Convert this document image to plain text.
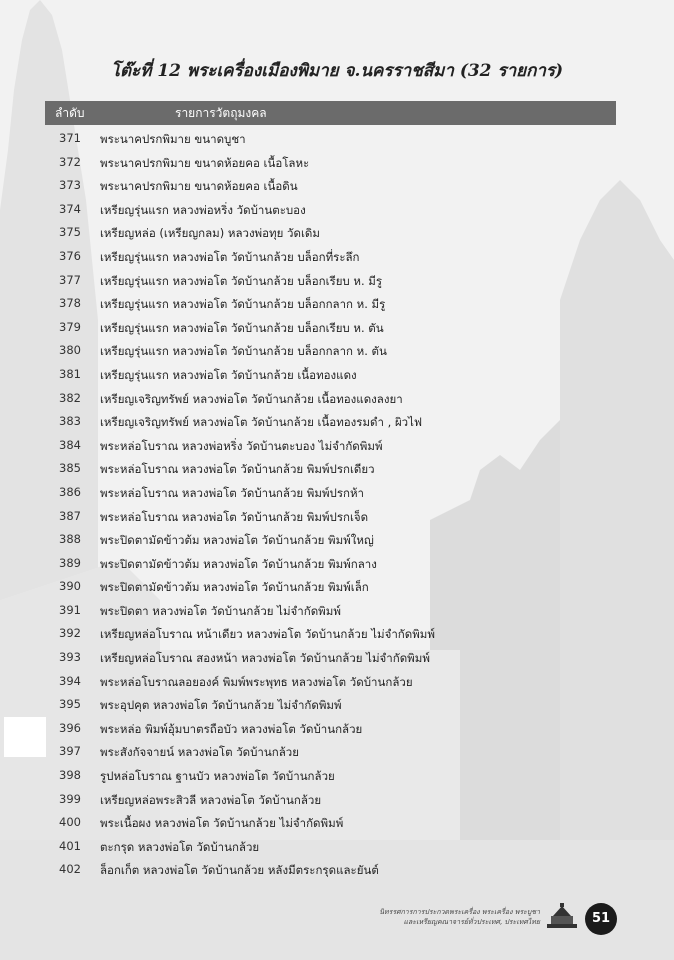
โต๊ะที่ 12 พระเครื่องเมืองพิมาย จ.นครราชสีมา (32 รายการ)
ลำดับ	รายการวัตถุมงคล
371 พระนาคปรกพิมาย ขนาดบูชา
372 พระนาคปรกพิมาย ขนาดห้อยคอ เนื้อโลหะ
373 พระนาคปรกพิมาย ขนาดห้อยคอ เนื้อดิน
374 เหรียญรุ่นแรก หลวงพ่อหริ่ง วัดบ้านตะบอง
375 เหรียญหล่อ (เหรียญกลม) หลวงพ่อทุย วัดเดิม
376 เหรียญรุ่นแรก หลวงพ่อโต วัดบ้านกล้วย บล็อกที่ระลึก
377 เหรียญรุ่นแรก หลวงพ่อโต วัดบ้านกล้วย บล็อกเรียบ ห. มีรู
378 เหรียญรุ่นแรก หลวงพ่อโต วัดบ้านกล้วย บล็อกกลาก ห. มีรู
379 เหรียญรุ่นแรก หลวงพ่อโต วัดบ้านกล้วย บล็อกเรียบ ห. ตัน
380 เหรียญรุ่นแรก หลวงพ่อโต วัดบ้านกล้วย บล็อกกลาก ห. ตัน
381 เหรียญรุ่นแรก หลวงพ่อโต วัดบ้านกล้วย เนื้อทองแดง
382 เหรียญเจริญทรัพย์ หลวงพ่อโต วัดบ้านกล้วย เนื้อทองแดงลงยา
383 เหรียญเจริญทรัพย์ หลวงพ่อโต วัดบ้านกล้วย เนื้อทองรมดำ , ผิวไฟ
384 พระหล่อโบราณ หลวงพ่อหริ่ง วัดบ้านตะบอง ไม่จำกัดพิมพ์
385 พระหล่อโบราณ หลวงพ่อโต วัดบ้านกล้วย พิมพ์ปรกเดียว
386 พระหล่อโบราณ หลวงพ่อโต วัดบ้านกล้วย พิมพ์ปรกห้า
387 พระหล่อโบราณ หลวงพ่อโต วัดบ้านกล้วย พิมพ์ปรกเจ็ด
388 พระปิดตามัดข้าวต้ม หลวงพ่อโต วัดบ้านกล้วย พิมพ์ใหญ่
389 พระปิดตามัดข้าวต้ม หลวงพ่อโต วัดบ้านกล้วย พิมพ์กลาง
390 พระปิดตามัดข้าวต้ม หลวงพ่อโต วัดบ้านกล้วย พิมพ์เล็ก
391 พระปิดตา หลวงพ่อโต วัดบ้านกล้วย ไม่จำกัดพิมพ์
392 เหรียญหล่อโบราณ หน้าเดียว หลวงพ่อโต วัดบ้านกล้วย ไม่จำกัดพิมพ์
393 เหรียญหล่อโบราณ สองหน้า หลวงพ่อโต วัดบ้านกล้วย ไม่จำกัดพิมพ์
394 พระหล่อโบราณลอยองค์ พิมพ์พระพุทธ หลวงพ่อโต วัดบ้านกล้วย
395 พระอุปคุต หลวงพ่อโต วัดบ้านกล้วย ไม่จำกัดพิมพ์
396 พระหล่อ พิมพ์อุ้มบาตรถือบัว หลวงพ่อโต วัดบ้านกล้วย
397 พระสังกัจจายน์ หลวงพ่อโต วัดบ้านกล้วย
398 รูปหล่อโบราณ ฐานบัว หลวงพ่อโต วัดบ้านกล้วย
399 เหรียญหล่อพระสิวลี หลวงพ่อโต วัดบ้านกล้วย
400 พระเนื้อผง หลวงพ่อโต วัดบ้านกล้วย ไม่จำกัดพิมพ์
401 ตะกรุด หลวงพ่อโต วัดบ้านกล้วย
402 ล็อกเก็ต หลวงพ่อโต วัดบ้านกล้วย หลังมีตระกรุดและยันต์
นิทรรศการการประกวดพระเครื่อง พระเครื่อง พระบูชา
และเหรียญคณาจารย์ทั่วประเทศ, ประเทศไทย	51
